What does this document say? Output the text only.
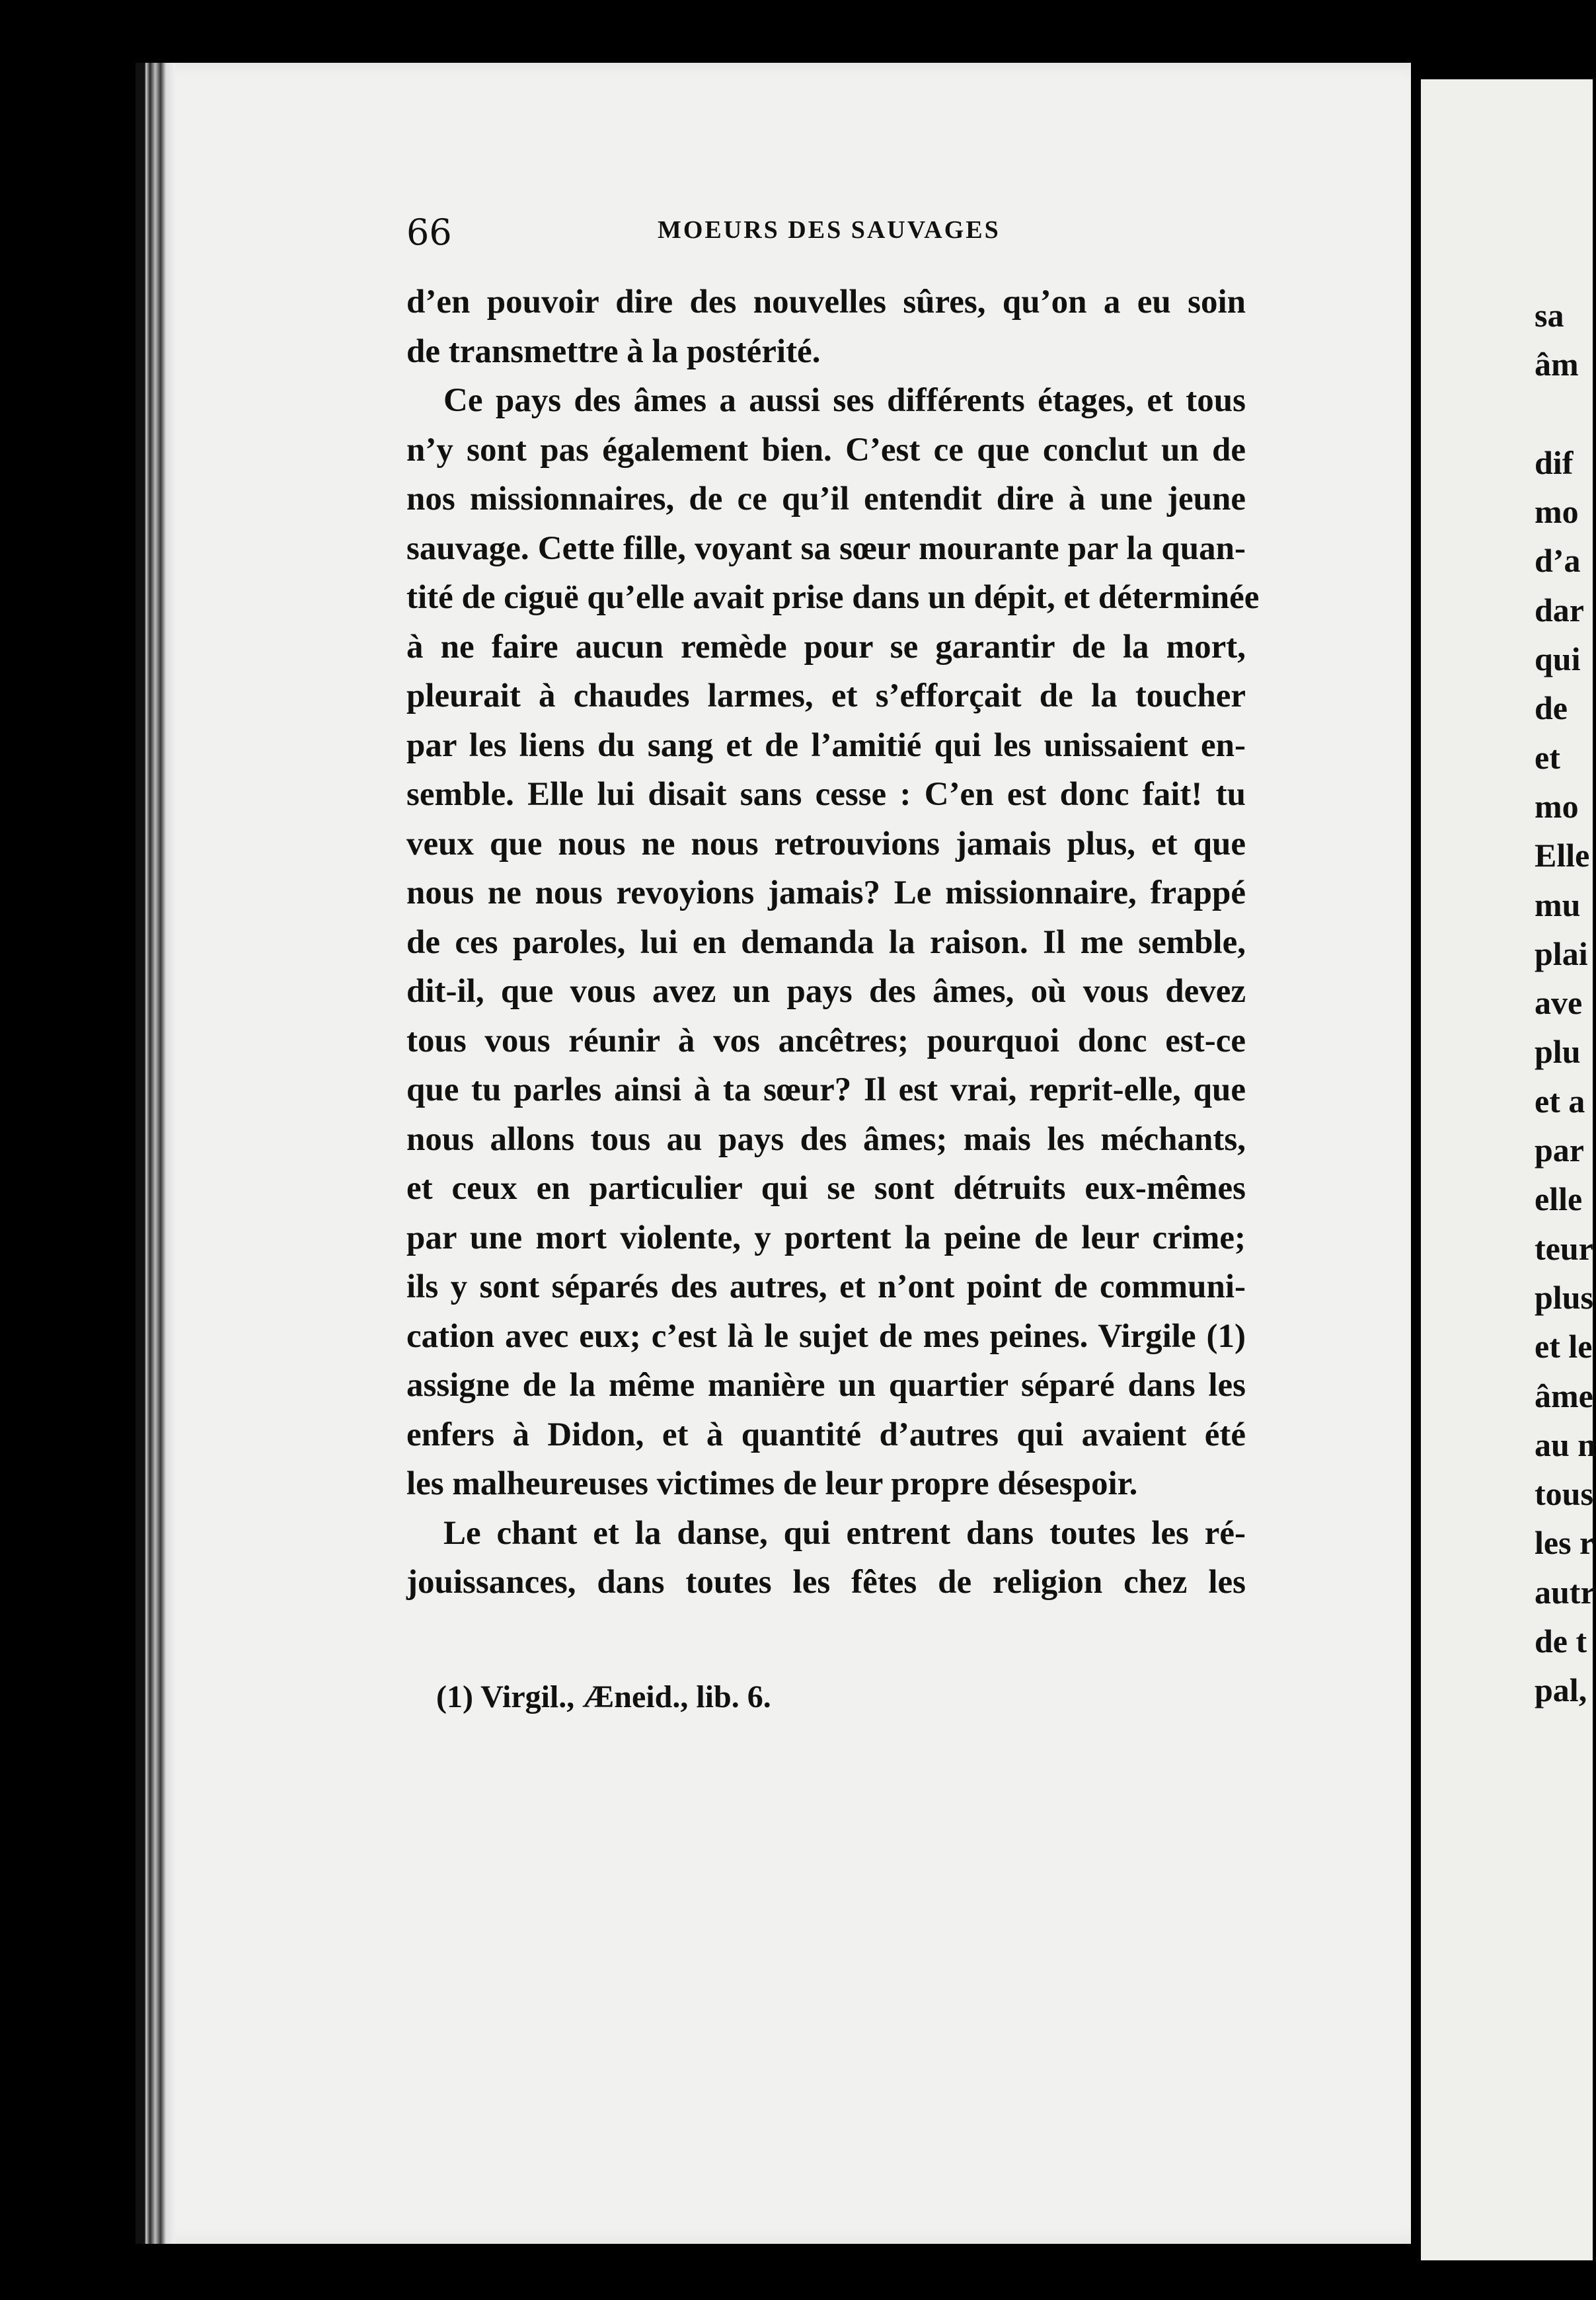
66	MOEURS DES SAUVAGES
d’en pouvoir dire des nouvelles sûres, qu’on a eu soin
de transmettre à la postérité.
Ce pays des âmes a aussi ses différents étages, et tous
n’y sont pas également bien. C’est ce que conclut un de
nos missionnaires, de ce qu’il entendit dire à une jeune
sauvage. Cette fille, voyant sa sœur mourante par la quan-
tité de ciguë qu’elle avait prise dans un dépit, et déterminée
à ne faire aucun remède pour se garantir de la mort,
pleurait à chaudes larmes, et s’efforçait de la toucher
par les liens du sang et de l’amitié qui les unissaient en-
semble. Elle lui disait sans cesse : C’en est donc fait! tu
veux que nous ne nous retrouvions jamais plus, et que
nous ne nous revoyions jamais? Le missionnaire, frappé
de ces paroles, lui en demanda la raison. Il me semble,
dit-il, que vous avez un pays des âmes, où vous devez
tous vous réunir à vos ancêtres; pourquoi donc est-ce
que tu parles ainsi à ta sœur? Il est vrai, reprit-elle, que
nous allons tous au pays des âmes; mais les méchants,
et ceux en particulier qui se sont détruits eux-mêmes
par une mort violente, y portent la peine de leur crime;
ils y sont séparés des autres, et n’ont point de communi-
cation avec eux; c’est là le sujet de mes peines. Virgile (1)
assigne de la même manière un quartier séparé dans les
enfers à Didon, et à quantité d’autres qui avaient été
les malheureuses victimes de leur propre désespoir.
Le chant et la danse, qui entrent dans toutes les ré-
jouissances, dans toutes les fêtes de religion chez les
(1) Virgil., Æneid., lib. 6.
sa
âm
dif
mo
d’a
dar
qui
de
et
mo
Elle
mu
plai
ave
plu
et a
par
elle
teur
plus
et le
âme
au n
tous
les r
autr
de t
pal,
